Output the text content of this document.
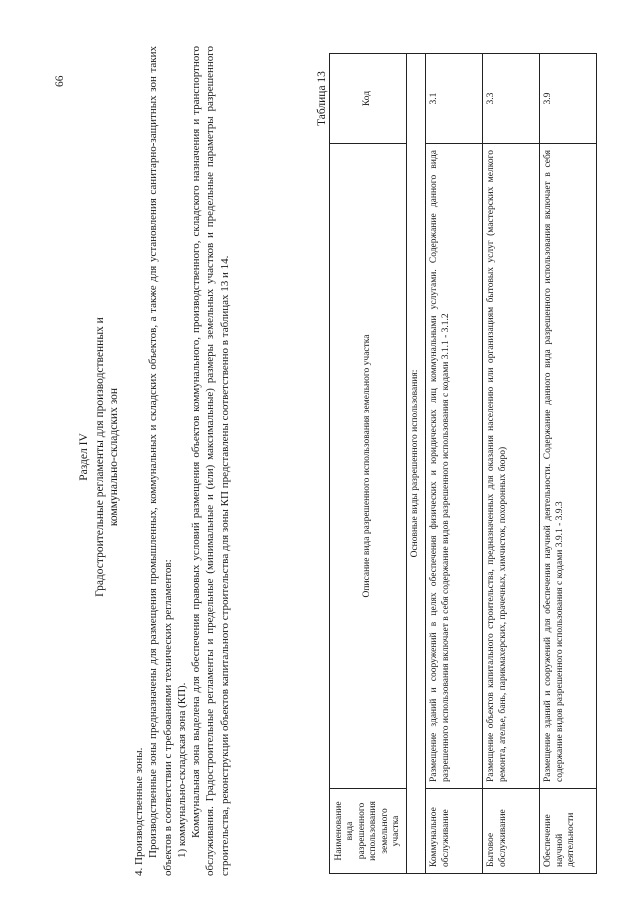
66
Раздел IV Градостроительные регламенты для производственных и коммунально-складских зон

4. Производственные зоны. Производственные зоны предназначены для размещения промышленных, коммунальных и складских объектов, а также для установления санитарно-защитных зон таких объектов в соответствии с требованиями технических регламентов: 1) коммунально-складская зона (КП). Коммунальная зона выделена для обеспечения правовых условий размещения объектов коммунального, производственного, складского назначения и транспортного обслуживания. Градостроительные регламенты и предельные (минимальные и (или) максимальные) размеры земельных участков и предельные параметры разрешенного строительства, реконструкции объектов капитального строительства для зоны КП представлены соответственно в таблицах 13 и 14.

Таблица 13
Наименование вида разрешенного использования земельного участка	Описание вида разрешенного использования земельного участка	Код
Основные виды разрешенного использования:		
Коммунальное обслуживание	Размещение зданий и сооружений в целях обеспечения физических и юридических лиц коммунальными услугами. Содержание данного вида разрешенного использования включает в себя содержание видов разрешенного использования с кодами 3.1.1 - 3.1.2	3.1
Бытовое обслуживание	Размещение объектов капитального строительства, предназначенных для оказания населению или организациям бытовых услуг (мастерских мелкого ремонта, ателье, бань, парикмахерских, прачечных, химчисток, похоронных бюро)	3.3
Обеспечение научной деятельности	Размещение зданий и сооружений для обеспечения научной деятельности. Содержание данного вида разрешенного использования включает в себя содержание видов разрешенного использования с кодами 3.9.1 - 3.9.3	3.9
